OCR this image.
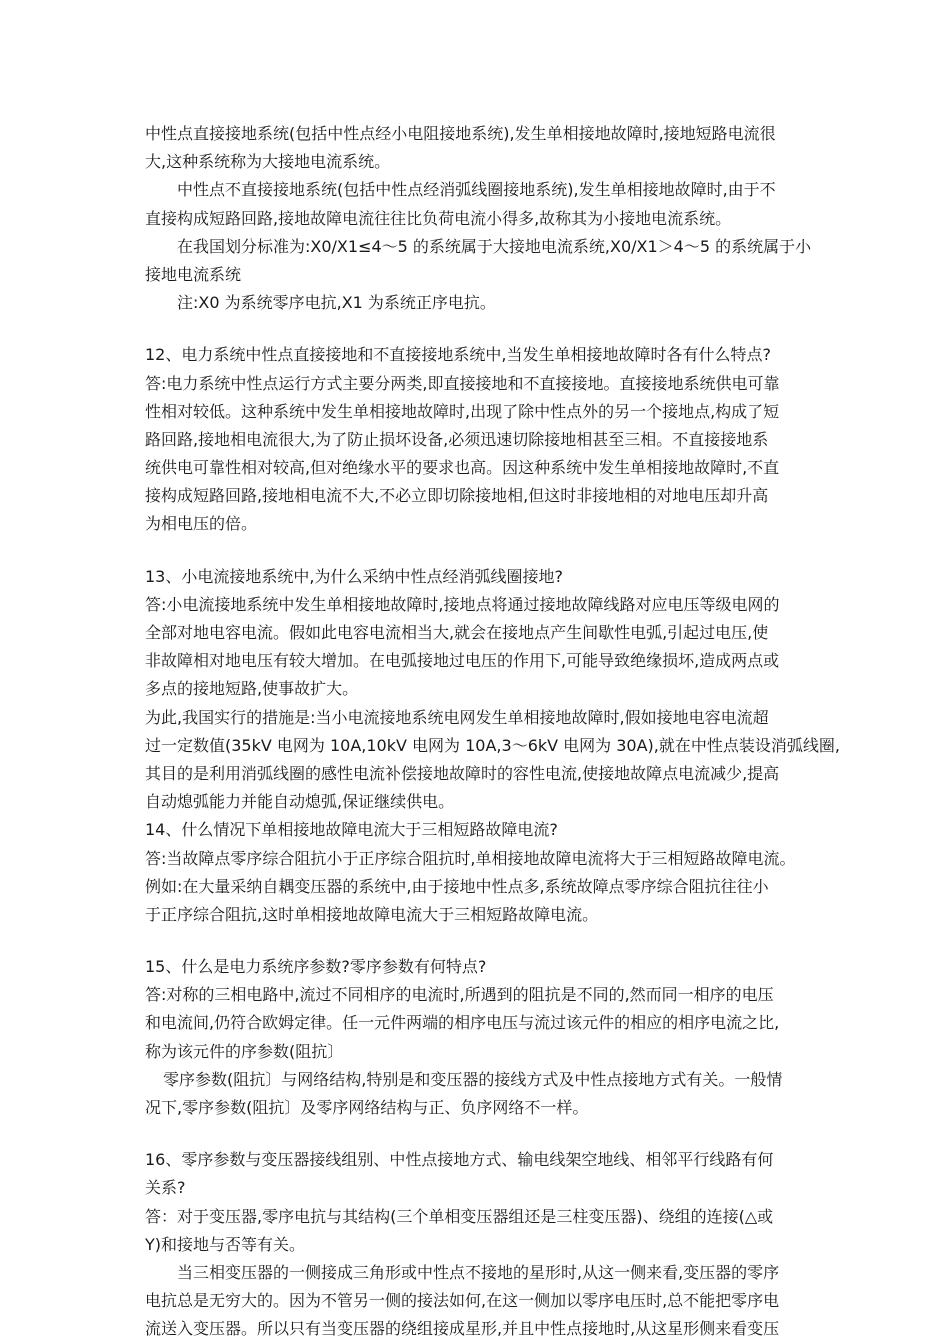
中性点直接接地系统(包括中性点经小电阻接地系统),发生单相接地故障时,接地短路电流很
大,这种系统称为大接地电流系统。
中性点不直接接地系统(包括中性点经消弧线圈接地系统),发生单相接地故障时,由于不
直接构成短路回路,接地故障电流往往比负荷电流小得多,故称其为小接地电流系统。
在我国划分标准为:X0/X1≤4～5 的系统属于大接地电流系统,X0/X1＞4～5 的系统属于小
接地电流系统
注:X0 为系统零序电抗,X1 为系统正序电抗。
12、电力系统中性点直接接地和不直接接地系统中,当发生单相接地故障时各有什么特点?
答:电力系统中性点运行方式主要分两类,即直接接地和不直接接地。直接接地系统供电可靠
性相对较低。这种系统中发生单相接地故障时,出现了除中性点外的另一个接地点,构成了短
路回路,接地相电流很大,为了防止损坏设备,必须迅速切除接地相甚至三相。不直接接地系
统供电可靠性相对较高,但对绝缘水平的要求也高。因这种系统中发生单相接地故障时,不直
接构成短路回路,接地相电流不大,不必立即切除接地相,但这时非接地相的对地电压却升高
为相电压的倍。
13、小电流接地系统中,为什么采纳中性点经消弧线圈接地?
答:小电流接地系统中发生单相接地故障时,接地点将通过接地故障线路对应电压等级电网的
全部对地电容电流。假如此电容电流相当大,就会在接地点产生间歇性电弧,引起过电压,使
非故障相对地电压有较大增加。在电弧接地过电压的作用下,可能导致绝缘损坏,造成两点或
多点的接地短路,使事故扩大。
为此,我国实行的措施是:当小电流接地系统电网发生单相接地故障时,假如接地电容电流超
过一定数值(35kV 电网为 10A,10kV 电网为 10A,3～6kV 电网为 30A),就在中性点装设消弧线圈,
其目的是利用消弧线圈的感性电流补偿接地故障时的容性电流,使接地故障点电流减少,提高
自动熄弧能力并能自动熄弧,保证继续供电。
14、什么情况下单相接地故障电流大于三相短路故障电流?
答:当故障点零序综合阻抗小于正序综合阻抗时,单相接地故障电流将大于三相短路故障电流。
例如:在大量采纳自耦变压器的系统中,由于接地中性点多,系统故障点零序综合阻抗往往小
于正序综合阻抗,这时单相接地故障电流大于三相短路故障电流。
15、什么是电力系统序参数?零序参数有何特点?
答:对称的三相电路中,流过不同相序的电流时,所遇到的阻抗是不同的,然而同一相序的电压
和电流间,仍符合欧姆定律。任一元件两端的相序电压与流过该元件的相应的相序电流之比,
称为该元件的序参数(阻抗〕
零序参数(阻抗〕与网络结构,特别是和变压器的接线方式及中性点接地方式有关。一般情
况下,零序参数(阻抗〕及零序网络结构与正、负序网络不一样。
16、零序参数与变压器接线组别、中性点接地方式、输电线架空地线、相邻平行线路有何
关系?
答：对于变压器,零序电抗与其结构(三个单相变压器组还是三柱变压器)、绕组的连接(△或
Y)和接地与否等有关。
当三相变压器的一侧接成三角形或中性点不接地的星形时,从这一侧来看,变压器的零序
电抗总是无穷大的。因为不管另一侧的接法如何,在这一侧加以零序电压时,总不能把零序电
流送入变压器。所以只有当变压器的绕组接成星形,并且中性点接地时,从这星形侧来看变压
